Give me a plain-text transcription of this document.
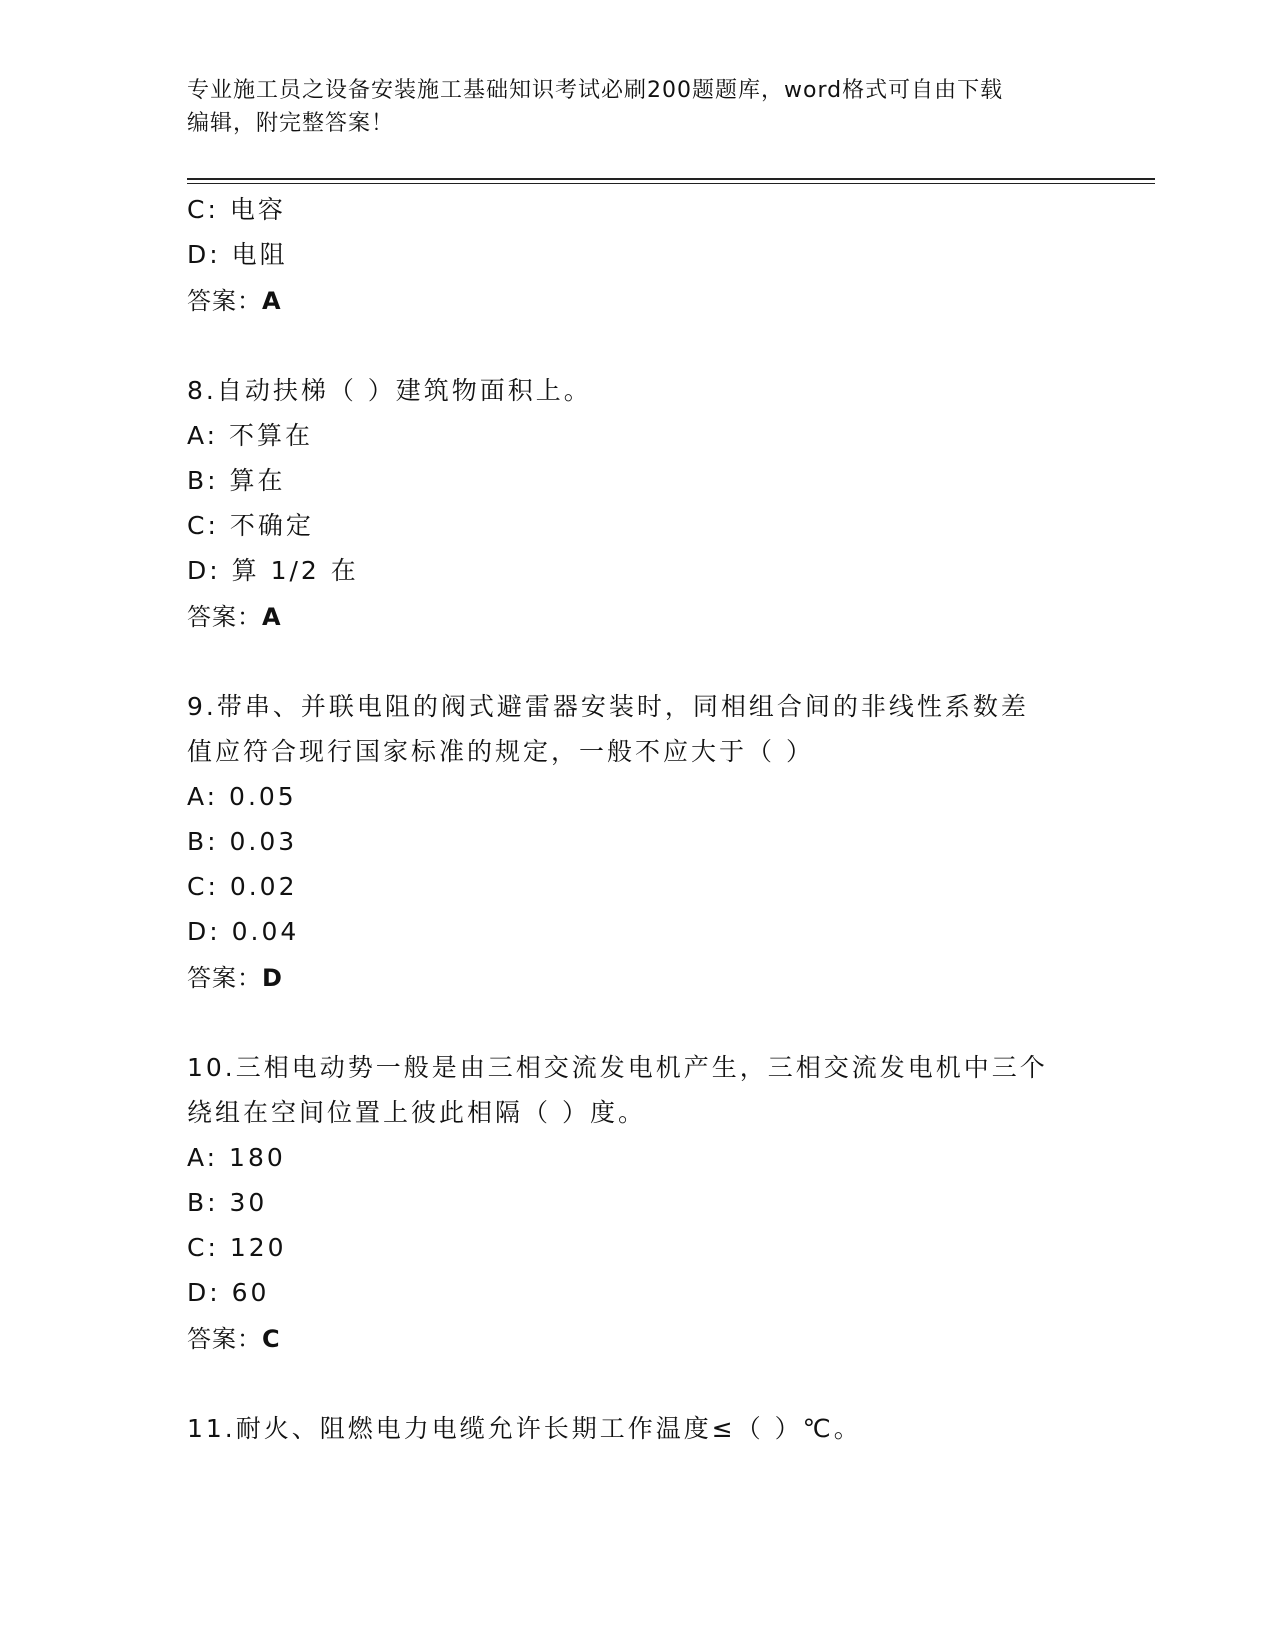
专业施工员之设备安装施工基础知识考试必刷200题题库，word格式可自由下载
编辑，附完整答案！
C: 电容
D: 电阻
答案：A
8.自动扶梯（ ）建筑物面积上。
A: 不算在
B: 算在
C: 不确定
D: 算 1/2 在
答案：A
9.带串、并联电阻的阀式避雷器安装时，同相组合间的非线性系数差
值应符合现行国家标准的规定，一般不应大于（ ）
A: 0.05
B: 0.03
C: 0.02
D: 0.04
答案：D
10.三相电动势一般是由三相交流发电机产生，三相交流发电机中三个
绕组在空间位置上彼此相隔（ ）度。
A: 180
B: 30
C: 120
D: 60
答案：C
11.耐火、阻燃电力电缆允许长期工作温度≤（ ）℃。
